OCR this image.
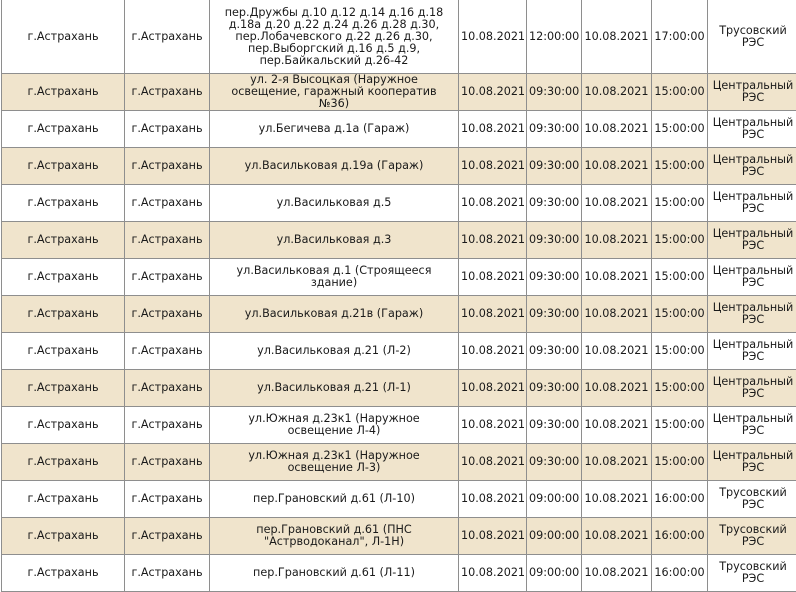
г.Астрахань	г.Астрахань	пер.Дружбы д.10 д.12 д.14 д.16 д.18 д.18а д.20 д.22 д.24 д.26 д.28 д.30, пер.Лобачевского д.22 д.26 д.30, пер.Выборгский д.16 д.5 д.9, пер.Байкальский д.26-42	10.08.2021	12:00:00	10.08.2021	17:00:00	Трусовский РЭС
г.Астрахань	г.Астрахань	ул. 2-я Высоцкая (Наружное освещение, гаражный кооператив №36)	10.08.2021	09:30:00	10.08.2021	15:00:00	Центральный РЭС
г.Астрахань	г.Астрахань	ул.Бегичева д.1а (Гараж)	10.08.2021	09:30:00	10.08.2021	15:00:00	Центральный РЭС
г.Астрахань	г.Астрахань	ул.Васильковая д.19а (Гараж)	10.08.2021	09:30:00	10.08.2021	15:00:00	Центральный РЭС
г.Астрахань	г.Астрахань	ул.Васильковая д.5	10.08.2021	09:30:00	10.08.2021	15:00:00	Центральный РЭС
г.Астрахань	г.Астрахань	ул.Васильковая д.3	10.08.2021	09:30:00	10.08.2021	15:00:00	Центральный РЭС
г.Астрахань	г.Астрахань	ул.Васильковая д.1 (Строящееся здание)	10.08.2021	09:30:00	10.08.2021	15:00:00	Центральный РЭС
г.Астрахань	г.Астрахань	ул.Васильковая д.21в (Гараж)	10.08.2021	09:30:00	10.08.2021	15:00:00	Центральный РЭС
г.Астрахань	г.Астрахань	ул.Васильковая д.21 (Л-2)	10.08.2021	09:30:00	10.08.2021	15:00:00	Центральный РЭС
г.Астрахань	г.Астрахань	ул.Васильковая д.21 (Л-1)	10.08.2021	09:30:00	10.08.2021	15:00:00	Центральный РЭС
г.Астрахань	г.Астрахань	ул.Южная д.23к1 (Наружное освещение Л-4)	10.08.2021	09:30:00	10.08.2021	15:00:00	Центральный РЭС
г.Астрахань	г.Астрахань	ул.Южная д.23к1 (Наружное освещение Л-3)	10.08.2021	09:30:00	10.08.2021	15:00:00	Центральный РЭС
г.Астрахань	г.Астрахань	пер.Грановский д.61 (Л-10)	10.08.2021	09:00:00	10.08.2021	16:00:00	Трусовский РЭС
г.Астрахань	г.Астрахань	пер.Грановский д.61 (ПНС "Астрводоканал", Л-1Н)	10.08.2021	09:00:00	10.08.2021	16:00:00	Трусовский РЭС
г.Астрахань	г.Астрахань	пер.Грановский д.61 (Л-11)	10.08.2021	09:00:00	10.08.2021	16:00:00	Трусовский РЭС
